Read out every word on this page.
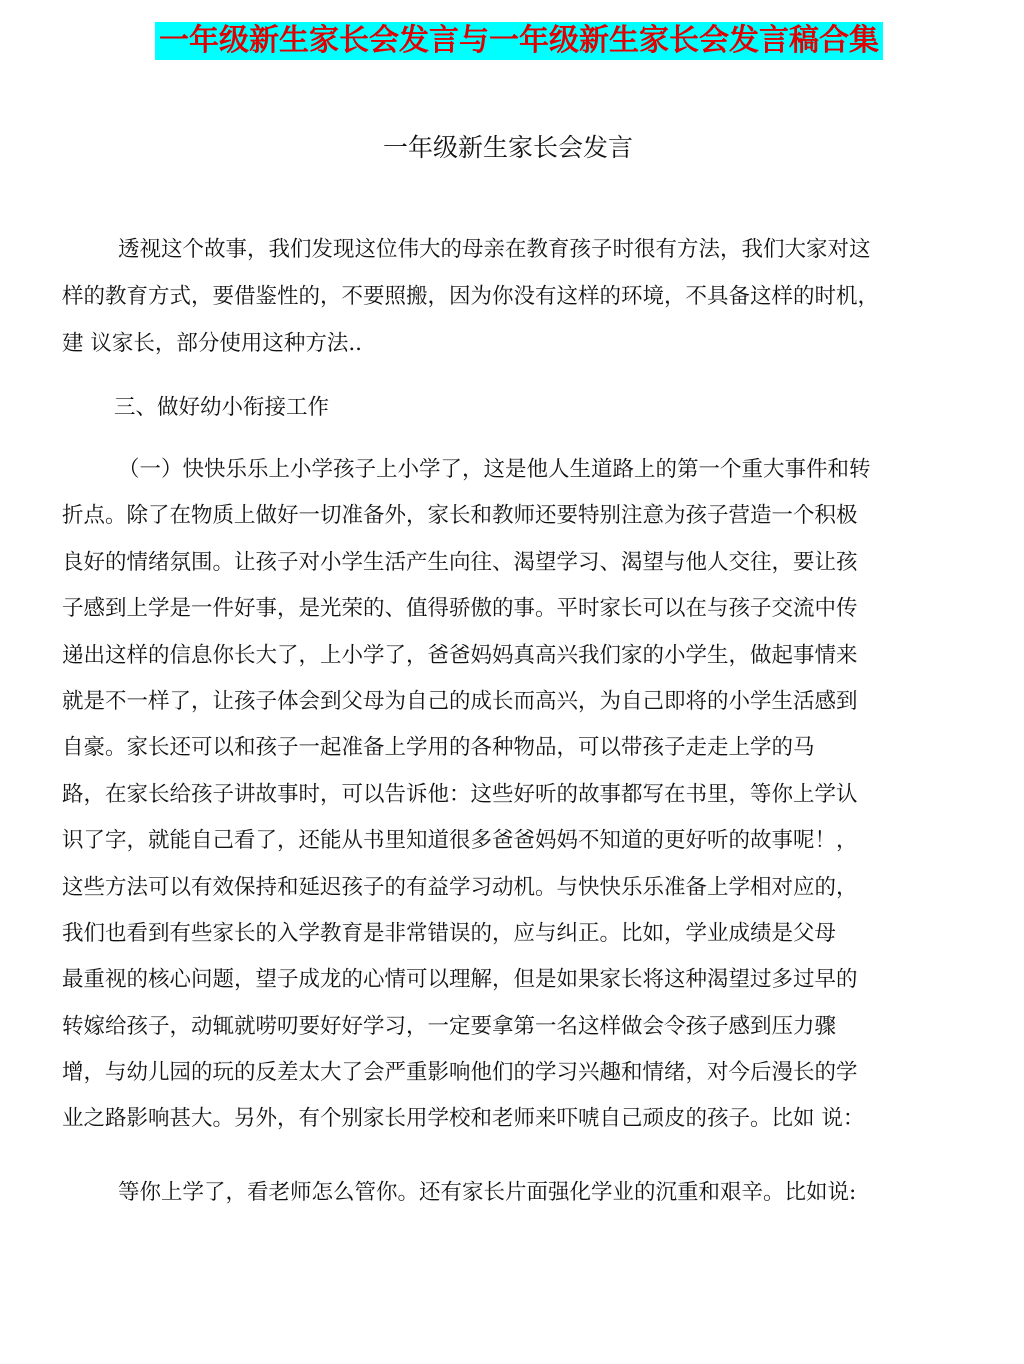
一年级新生家长会发言与一年级新生家长会发言稿合集
一年级新生家长会发言
透视这个故事，我们发现这位伟大的母亲在教育孩子时很有方法，我们大家对这
样的教育方式，要借鉴性的，不要照搬，因为你没有这样的环境，不具备这样的时机，
建 议家长，部分使用这种方法..
三、做好幼小衔接工作
（一）快快乐乐上小学孩子上小学了，这是他人生道路上的第一个重大事件和转
折点。除了在物质上做好一切准备外，家长和教师还要特别注意为孩子营造一个积极
良好的情绪氛围。让孩子对小学生活产生向往、渴望学习、渴望与他人交往，要让孩
子感到上学是一件好事，是光荣的、值得骄傲的事。平时家长可以在与孩子交流中传
递出这样的信息你长大了，上小学了，爸爸妈妈真高兴我们家的小学生，做起事情来
就是不一样了，让孩子体会到父母为自己的成长而高兴，为自己即将的小学生活感到
自豪。家长还可以和孩子一起准备上学用的各种物品，可以带孩子走走上学的马
路，在家长给孩子讲故事时，可以告诉他：这些好听的故事都写在书里，等你上学认
识了字，就能自己看了，还能从书里知道很多爸爸妈妈不知道的更好听的故事呢！，
这些方法可以有效保持和延迟孩子的有益学习动机。与快快乐乐准备上学相对应的，
我们也看到有些家长的入学教育是非常错误的，应与纠正。比如，学业成绩是父母
最重视的核心问题，望子成龙的心情可以理解，但是如果家长将这种渴望过多过早的
转嫁给孩子，动辄就唠叨要好好学习，一定要拿第一名这样做会令孩子感到压力骤
增，与幼儿园的玩的反差太大了会严重影响他们的学习兴趣和情绪，对今后漫长的学
业之路影响甚大。另外，有个别家长用学校和老师来吓唬自己顽皮的孩子。比如 说：
等你上学了，看老师怎么管你。还有家长片面强化学业的沉重和艰辛。比如说:
